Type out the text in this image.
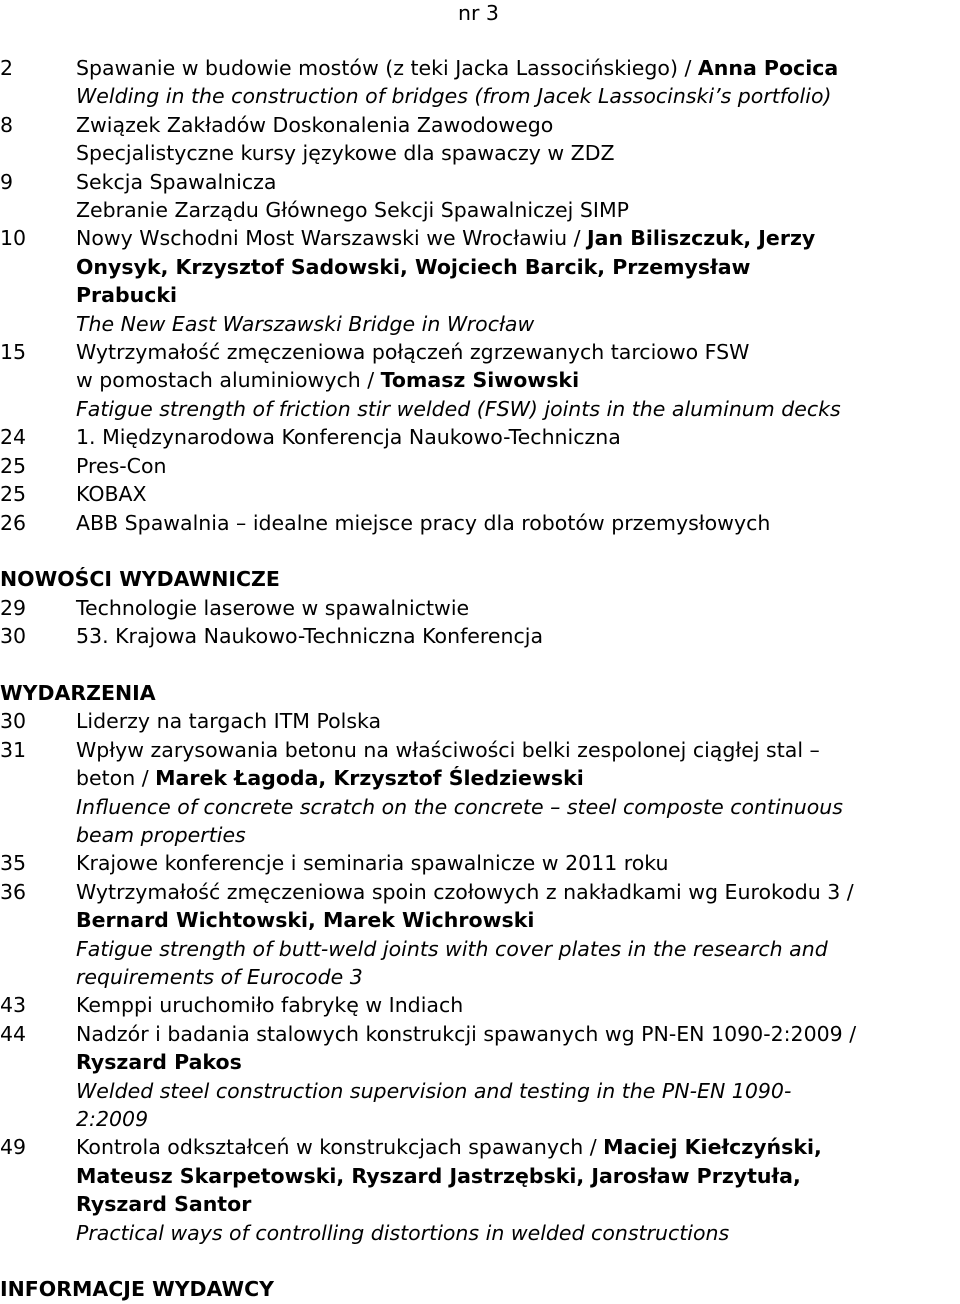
nr 3
2	Spawanie w budowie mostów (z teki Jacka Lassocińskiego) / Anna Pocica
Welding in the construction of bridges (from Jacek Lassocinski’s portfolio)
8	Związek Zakładów Doskonalenia Zawodowego
Specjalistyczne kursy językowe dla spawaczy w ZDZ
9	Sekcja Spawalnicza
Zebranie Zarządu Głównego Sekcji Spawalniczej SIMP
10	Nowy Wschodni Most Warszawski we Wrocławiu / Jan Biliszczuk, Jerzy
Onysyk, Krzysztof Sadowski, Wojciech Barcik, Przemysław
Prabucki
The New East Warszawski Bridge in Wrocław
15	Wytrzymałość zmęczeniowa połączeń zgrzewanych tarciowo FSW
w pomostach aluminiowych / Tomasz Siwowski
Fatigue strength of friction stir welded (FSW) joints in the aluminum decks
24	1. Międzynarodowa Konferencja Naukowo-Techniczna
25	Pres-Con
25	KOBAX
26	ABB Spawalnia – idealne miejsce pracy dla robotów przemysłowych
NOWOŚCI WYDAWNICZE
29	Technologie laserowe w spawalnictwie
30	53. Krajowa Naukowo-Techniczna Konferencja
WYDARZENIA
30	Liderzy na targach ITM Polska
31	Wpływ zarysowania betonu na właściwości belki zespolonej ciągłej stal –
beton / Marek Łagoda, Krzysztof Śledziewski
Influence of concrete scratch on the concrete – steel composte continuous
beam properties
35	Krajowe konferencje i seminaria spawalnicze w 2011 roku
36	Wytrzymałość zmęczeniowa spoin czołowych z nakładkami wg Eurokodu 3 /
Bernard Wichtowski, Marek Wichrowski
Fatigue strength of butt-weld joints with cover plates in the research and
requirements of Eurocode 3
43	Kemppi uruchomiło fabrykę w Indiach
44	Nadzór i badania stalowych konstrukcji spawanych wg PN-EN 1090-2:2009 /
Ryszard Pakos
Welded steel construction supervision and testing in the PN-EN 1090-
2:2009
49	Kontrola odkształceń w konstrukcjach spawanych / Maciej Kiełczyński,
Mateusz Skarpetowski, Ryszard Jastrzębski, Jarosław Przytuła,
Ryszard Santor
Practical ways of controlling distortions in welded constructions
INFORMACJE WYDAWCY
